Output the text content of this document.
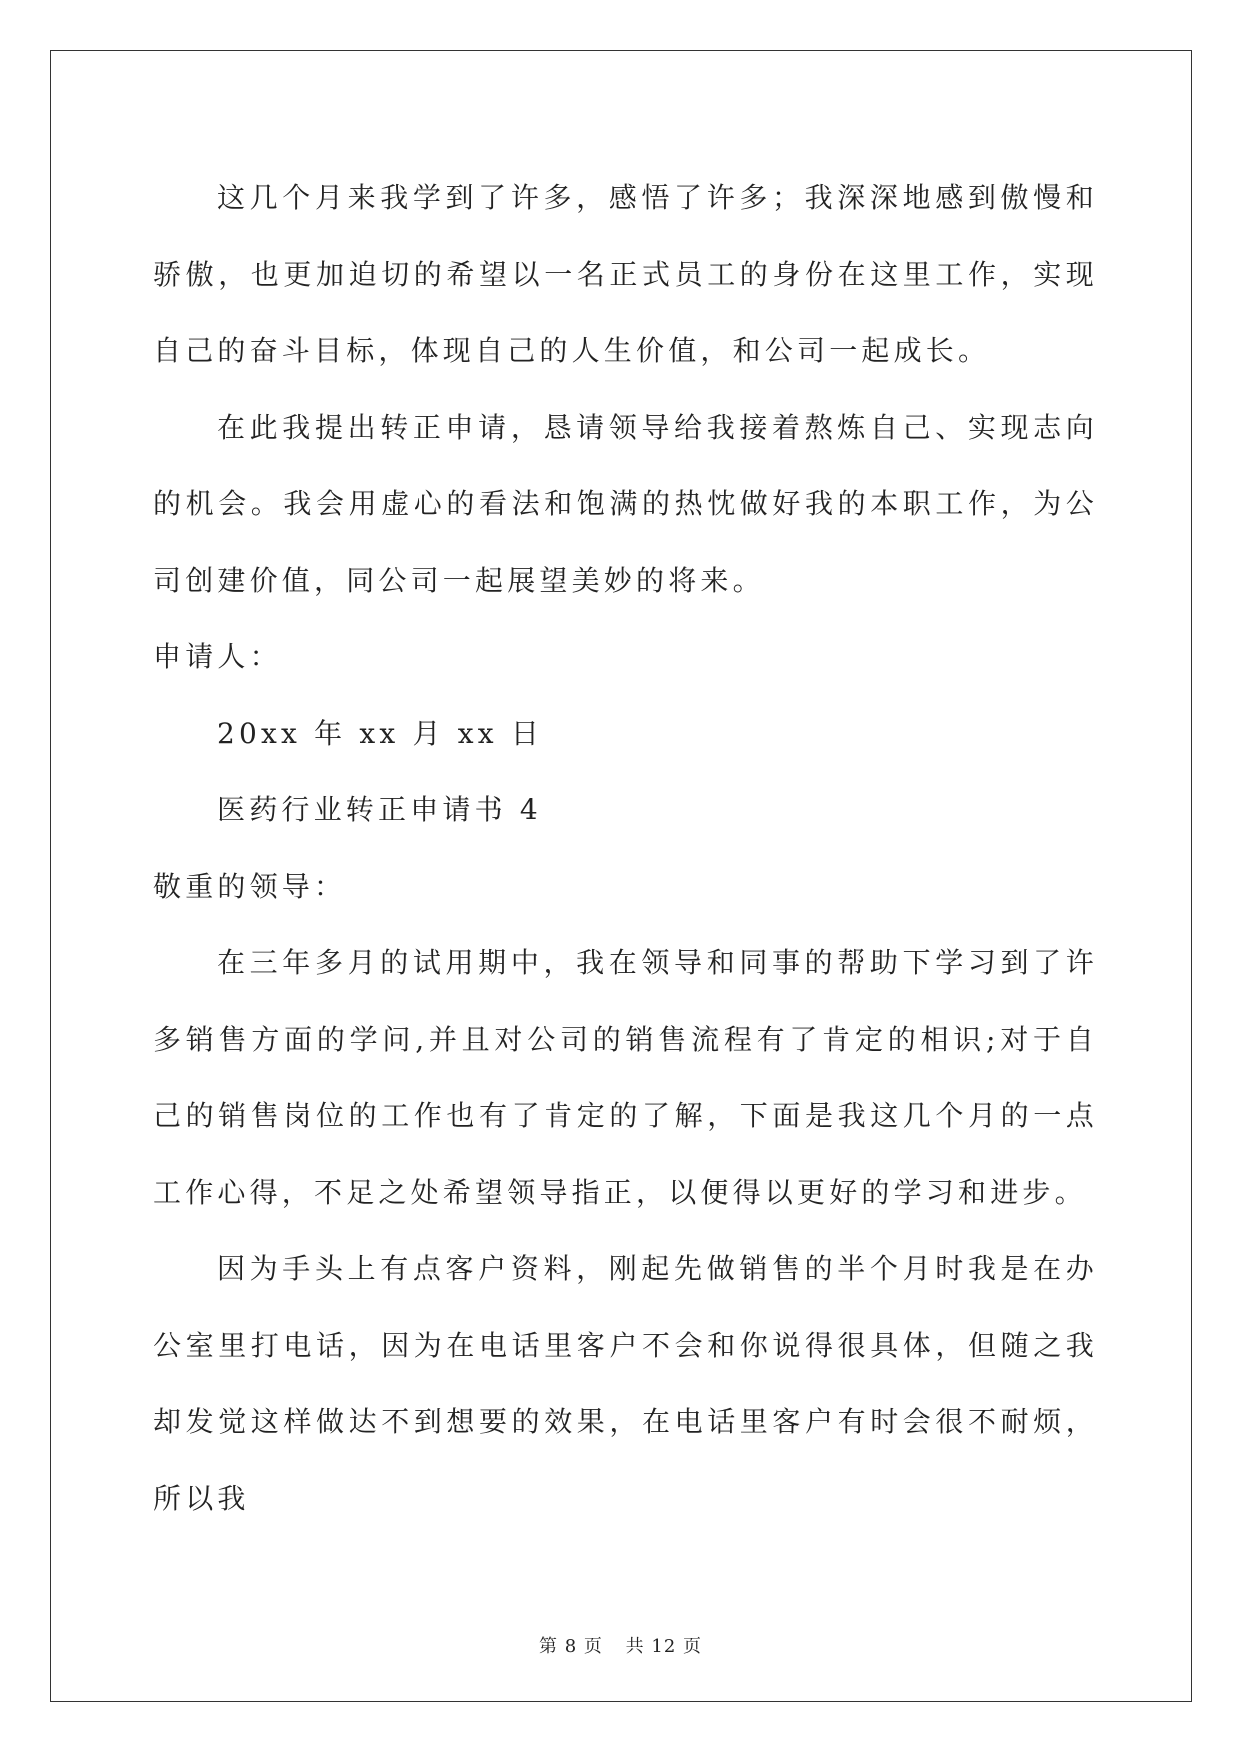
这几个月来我学到了许多，感悟了许多；我深深地感到傲慢和骄傲，也更加迫切的希望以一名正式员工的身份在这里工作，实现自己的奋斗目标，体现自己的人生价值，和公司一起成长。

在此我提出转正申请，恳请领导给我接着熬炼自己、实现志向的机会。我会用虚心的看法和饱满的热忱做好我的本职工作，为公司创建价值，同公司一起展望美妙的将来。

申请人：

20xx 年 xx 月 xx 日

医药行业转正申请书 4

敬重的领导：

在三年多月的试用期中，我在领导和同事的帮助下学习到了许多销售方面的学问,并且对公司的销售流程有了肯定的相识;对于自己的销售岗位的工作也有了肯定的了解，下面是我这几个月的一点工作心得，不足之处希望领导指正，以便得以更好的学习和进步。

因为手头上有点客户资料，刚起先做销售的半个月时我是在办公室里打电话，因为在电话里客户不会和你说得很具体，但随之我却发觉这样做达不到想要的效果，在电话里客户有时会很不耐烦，所以我

第 8 页 共 12 页
